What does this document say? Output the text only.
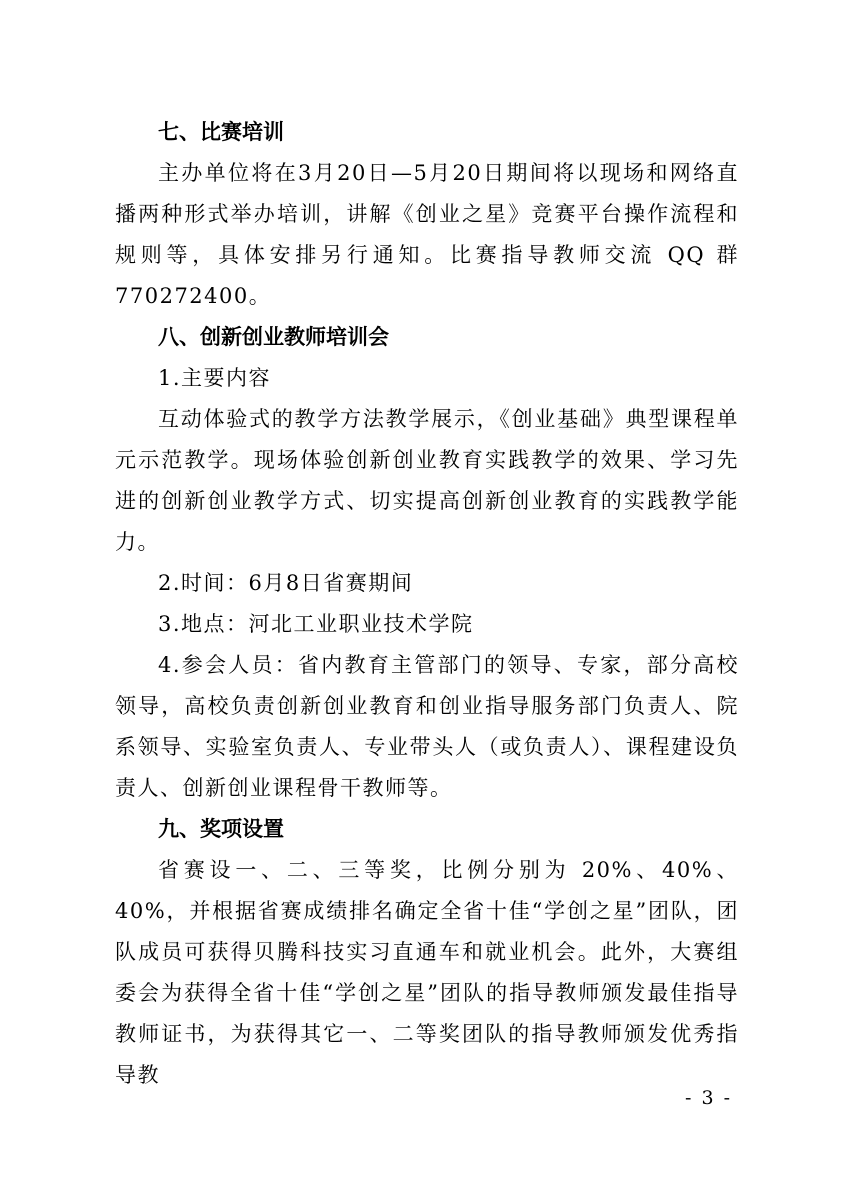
七、比赛培训

主办单位将在3月20日—5月20日期间将以现场和网络直播两种形式举办培训，讲解《创业之星》竞赛平台操作流程和规则等，具体安排另行通知。比赛指导教师交流 QQ 群770272400。

八、创新创业教师培训会

1.主要内容

互动体验式的教学方法教学展示，《创业基础》典型课程单元示范教学。现场体验创新创业教育实践教学的效果、学习先进的创新创业教学方式、切实提高创新创业教育的实践教学能力。

2.时间：6月8日省赛期间

3.地点：河北工业职业技术学院

4.参会人员：省内教育主管部门的领导、专家，部分高校领导，高校负责创新创业教育和创业指导服务部门负责人、院系领导、实验室负责人、专业带头人（或负责人）、课程建设负责人、创新创业课程骨干教师等。

九、奖项设置

省赛设一、二、三等奖，比例分别为 20%、40%、40%，并根据省赛成绩排名确定全省十佳“学创之星”团队，团队成员可获得贝腾科技实习直通车和就业机会。此外，大赛组委会为获得全省十佳“学创之星”团队的指导教师颁发最佳指导教师证书，为获得其它一、二等奖团队的指导教师颁发优秀指导教

- 3 -
